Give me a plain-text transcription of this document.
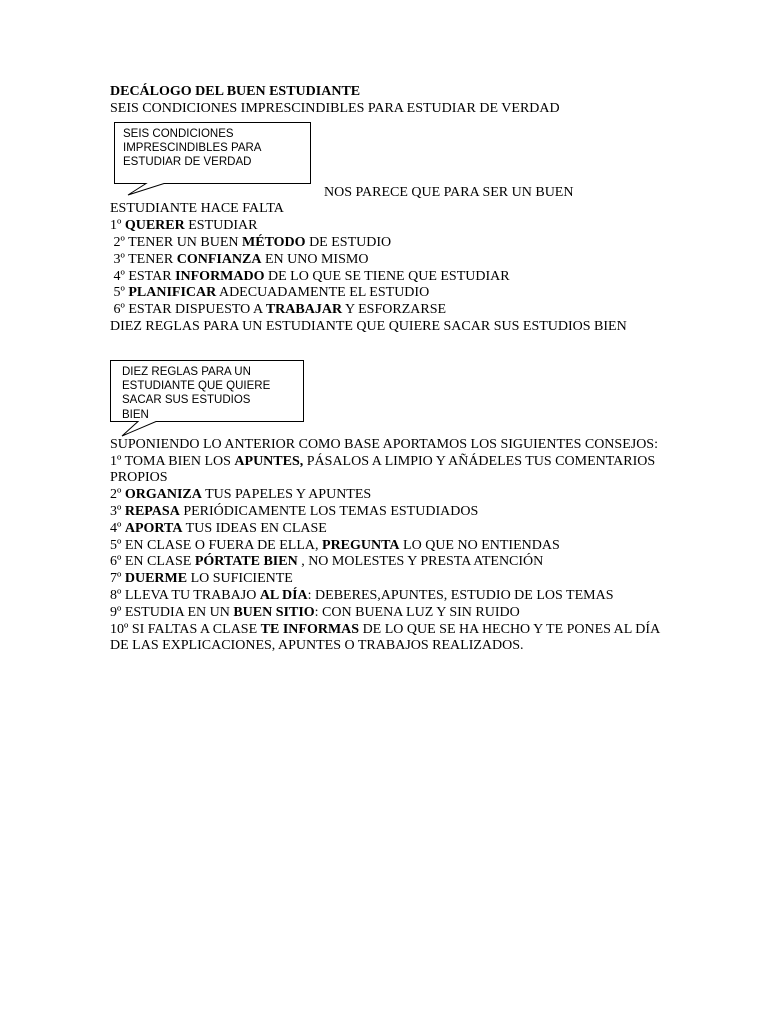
DECÁLOGO DEL BUEN ESTUDIANTE
SEIS CONDICIONES IMPRESCINDIBLES PARA ESTUDIAR DE VERDAD
NOS PARECE QUE PARA SER UN BUEN
ESTUDIANTE HACE FALTA
1º QUERER ESTUDIAR
2º TENER UN BUEN MÉTODO DE ESTUDIO
3º TENER CONFIANZA EN UNO MISMO
4º ESTAR INFORMADO DE LO QUE SE TIENE QUE ESTUDIAR
5º PLANIFICAR ADECUADAMENTE EL ESTUDIO
6º ESTAR DISPUESTO A TRABAJAR Y ESFORZARSE
DIEZ REGLAS PARA UN ESTUDIANTE QUE QUIERE SACAR SUS ESTUDIOS BIEN
SUPONIENDO LO ANTERIOR COMO BASE APORTAMOS LOS SIGUIENTES CONSEJOS:
1º TOMA BIEN LOS APUNTES, PÁSALOS A LIMPIO Y AÑÁDELES TUS COMENTARIOS PROPIOS
2º ORGANIZA TUS PAPELES Y APUNTES
3º REPASA PERIÓDICAMENTE LOS TEMAS ESTUDIADOS
4º APORTA TUS IDEAS EN CLASE
5º EN CLASE O FUERA DE ELLA, PREGUNTA LO QUE NO ENTIENDAS
6º EN CLASE PÓRTATE BIEN , NO MOLESTES Y PRESTA ATENCIÓN
7º DUERME LO SUFICIENTE
8º LLEVA TU TRABAJO AL DÍA: DEBERES,APUNTES, ESTUDIO DE LOS TEMAS
9º ESTUDIA EN UN BUEN SITIO: CON BUENA LUZ Y SIN RUIDO
10º SI FALTAS A CLASE TE INFORMAS DE LO QUE SE HA HECHO Y TE PONES AL DÍA DE LAS EXPLICACIONES, APUNTES O TRABAJOS REALIZADOS.
SEIS CONDICIONES
IMPRESCINDIBLES PARA
ESTUDIAR DE VERDAD
DIEZ REGLAS PARA UN
ESTUDIANTE QUE QUIERE
SACAR SUS ESTUDIOS
BIEN
